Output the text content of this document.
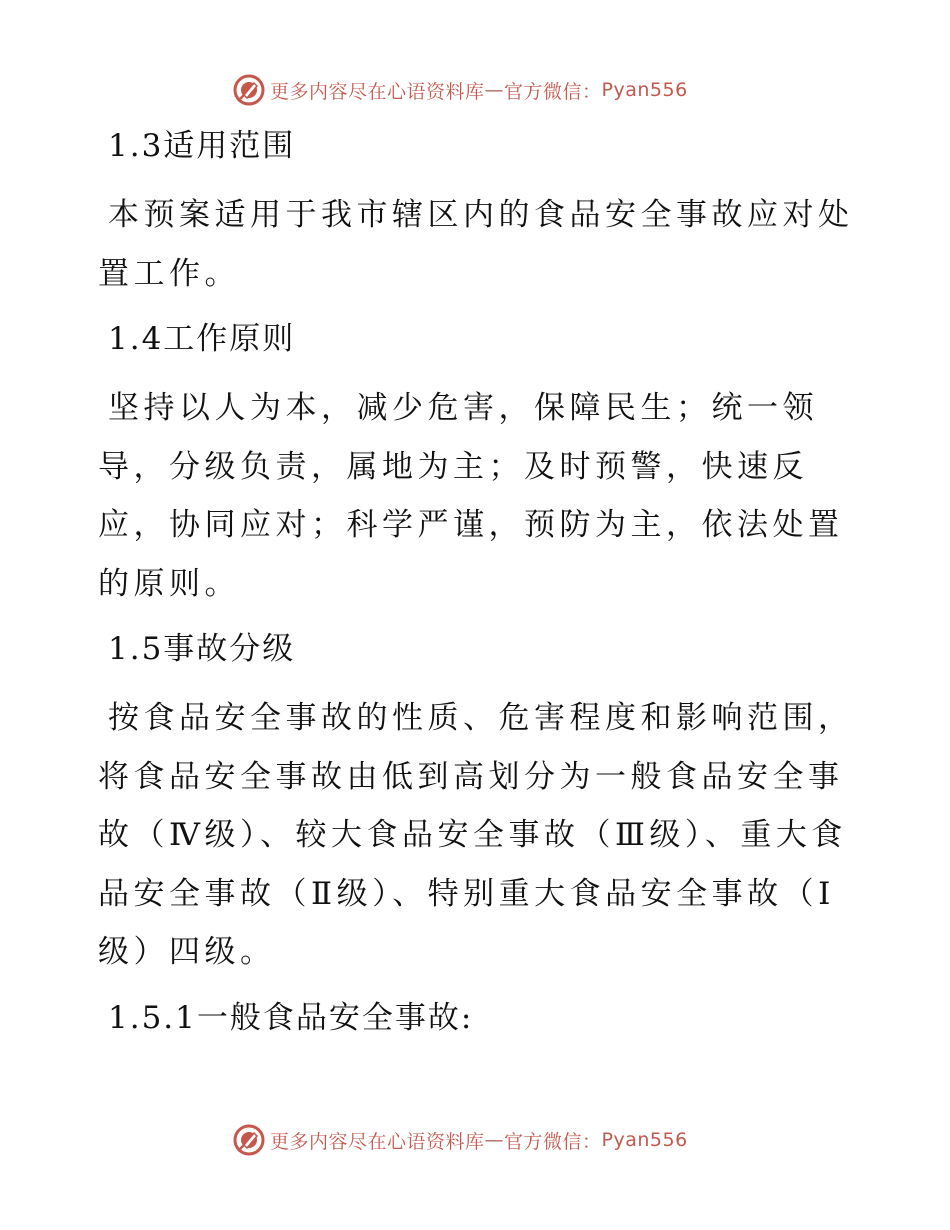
更多内容尽在心语资料库 — 官方微信： Pyan556

1.3适用范围

本预案适用于我市辖区内的食品安全事故应对处置工作。

1.4工作原则

坚持以人为本，减少危害，保障民生；统一领导，分级负责，属地为主；及时预警，快速反应，协同应对；科学严谨，预防为主，依法处置的原则。

1.5事故分级

按食品安全事故的性质、危害程度和影响范围，将食品安全事故由低到高划分为一般食品安全事故（Ⅳ级）、较大食品安全事故（Ⅲ级）、重大食品安全事故（Ⅱ级）、特别重大食品安全事故（Ⅰ级）四级。

1.5.1一般食品安全事故:

更多内容尽在心语资料库 — 官方微信： Pyan556
